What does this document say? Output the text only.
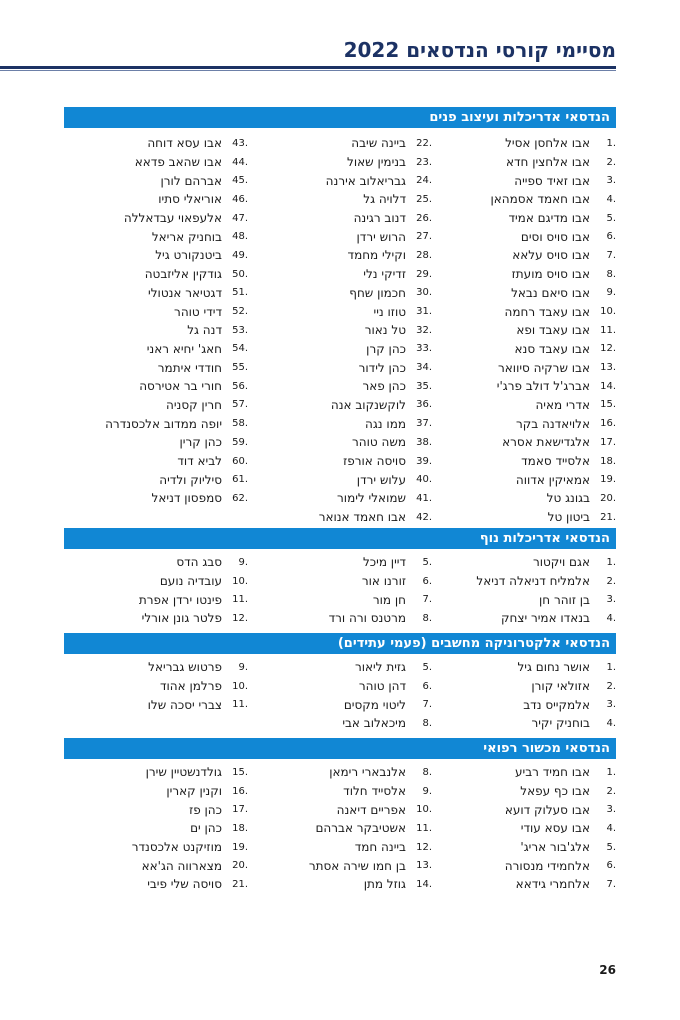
מסיימי קורסי הנדסאים 2022
הנדסאי אדריכלות ועיצוב פנים
1.
אבו אלחסן אסיל
2.
אבו אלחצין חדא
3.
אבו זאיד ספייה
4.
אבו חאמד אסמהאן
5.
אבו מדיגם אמיד
6.
אבו סויס וסים
7.
אבו סויס עלאא
8.
אבו סויס מועתז
9.
אבו סיאם נבאל
10.
אבו עאבד רחמה
11.
אבו עאבד ופא
12.
אבו עאבד סנא
13.
אבו שרקיה סיוואר
14.
אברג'ל דולב פרג'י
15.
אדרי מאיה
16.
אלויאדנה בקר
17.
אלגדישאת אסרא
18.
אלסייד סאמד
19.
אמאיקין אדווה
20.
בגונג טל
21.
ביטון טל
22.
ביינה שיבה
23.
בנימין שאול
24.
גבריאלוב אירנה
25.
דלויה גל
26.
דנוב רגינה
27.
הרוש ירדן
28.
וקילי מחמד
29.
זדיקי נלי
30.
חכמון שחף
31.
טוזו ניי
32.
טל נאור
33.
כהן קרן
34.
כהן לידור
35.
כהן פאר
36.
לוקשנקוב אנה
37.
ממו נגה
38.
משה טוהר
39.
סויסה אורפז
40.
עלוש ירדן
41.
שמואלי לימור
42.
אבו חאמד אנואר
43.
אבו עסא דוחה
44.
אבו שהאב פדאא
45.
אברהם לורן
46.
אוריאלי סתיו
47.
אלעפאוי עבדאללה
48.
בוחניק אריאל
49.
ביטנקורט גיל
50.
גודקין אליזבטה
51.
דגטיאר אנטולי
52.
דידי טוהר
53.
דנה גל
54.
חאג' יחיא ראני
55.
חודדי איתמר
56.
חורי בר אטירסה
57.
חרין קסניה
58.
יופה ממדוב אלכסנדרה
59.
כהן קרין
60.
לביא דוד
61.
סיליוק ולדיה
62.
סמפסון דניאל
הנדסאי אדריכלות נוף
1.
אגם ויקטור
2.
אלמליח דניאלה דניאל
3.
בן זוהר חן
4.
בנאדו אמיר יצחק
5.
דיין מיכל
6.
זורנו אור
7.
חן מור
8.
מרטנס ורה ורד
9.
סבג הדס
10.
עובדיה נועם
11.
פינטו ירדן אפרת
12.
פלטר גונן אורלי
הנדסאי אלקטרוניקה מחשבים (פעמי עתידים)
1.
אושר נחום גיל
2.
אזולאי קורן
3.
אלמקייס נדב
4.
בוחניק יקיר
5.
גזית ליאור
6.
דהן טוהר
7.
ליטוי מקסים
8.
מיכאלוב אבי
9.
פרטוש גבריאל
10.
פרלמן אהוד
11.
צברי יסכה שלו
הנדסאי מכשור רפואי
1.
אבו חמיד רביע
2.
אבו כף עפאל
3.
אבו סעלוק דועא
4.
אבו עסא עודי
5.
אלג'בור אריג'
6.
אלחמידי מנסורה
7.
אלחמרי גידאא
8.
אלנבארי רימאן
9.
אלסייד חלוד
10.
אפריים דיאנה
11.
אשטיבקר אברהם
12.
ביינה חמד
13.
בן חמו שירה אסתר
14.
גוזל מתן
15.
גולדנשטיין שירן
16.
וקנין קארין
17.
כהן פז
18.
כהן ים
19.
מוזיקנט אלכסנדר
20.
מצארווה הג'אא
21.
סויסה שלי פיבי
26
